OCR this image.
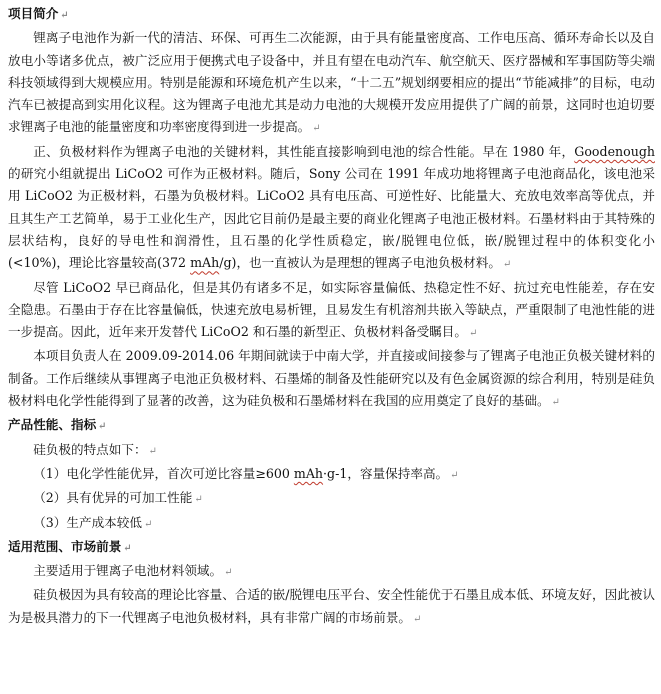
项目简介 ↵

锂离子电池作为新一代的清洁、环保、可再生二次能源，由于具有能量密度高、工作电压高、循环寿命长以及自放电小等诸多优点，被广泛应用于便携式电子设备中，并且有望在电动汽车、航空航天、医疗器械和军事国防等尖端科技领域得到大规模应用。特别是能源和环境危机产生以来，“十二五”规划纲要相应的提出“节能减排”的目标，电动汽车已被提高到实用化议程。这为锂离子电池尤其是动力电池的大规模开发应用提供了广阔的前景，这同时也迫切要求锂离子电池的能量密度和功率密度得到进一步提高。 ↵

正、负极材料作为锂离子电池的关键材料，其性能直接影响到电池的综合性能。早在 1980 年，Goodenough 的研究小组就提出 LiCoO2 可作为正极材料。随后，Sony 公司在 1991 年成功地将锂离子电池商品化，该电池采用 LiCoO2 为正极材料，石墨为负极材料。LiCoO2 具有电压高、可逆性好、比能量大、充放电效率高等优点，并且其生产工艺简单，易于工业化生产，因此它目前仍是最主要的商业化锂离子电池正极材料。石墨材料由于其特殊的层状结构，良好的导电性和润滑性，且石墨的化学性质稳定，嵌/脱锂电位低，嵌/脱锂过程中的体积变化小(<10%)，理论比容量较高(372 mAh/g)，也一直被认为是理想的锂离子电池负极材料。 ↵

尽管 LiCoO2 早已商品化，但是其仍有诸多不足，如实际容量偏低、热稳定性不好、抗过充电性能差，存在安全隐患。石墨由于存在比容量偏低，快速充放电易析锂，且易发生有机溶剂共嵌入等缺点，严重限制了电池性能的进一步提高。因此，近年来开发替代 LiCoO2 和石墨的新型正、负极材料备受瞩目。 ↵

本项目负责人在 2009.09-2014.06 年期间就读于中南大学，并直接或间接参与了锂离子电池正负极关键材料的制备。工作后继续从事锂离子电池正负极材料、石墨烯的制备及性能研究以及有色金属资源的综合利用，特别是硅负极材料电化学性能得到了显著的改善，这为硅负极和石墨烯材料在我国的应用奠定了良好的基础。 ↵

产品性能、指标 ↵

硅负极的特点如下： ↵

（1）电化学性能优异，首次可逆比容量≥600 mAh·g-1，容量保持率高。 ↵

（2）具有优异的可加工性能 ↵

（3）生产成本较低 ↵

适用范围、市场前景 ↵

主要适用于锂离子电池材料领域。 ↵

硅负极因为具有较高的理论比容量、合适的嵌/脱锂电压平台、安全性能优于石墨且成本低、环境友好，因此被认为是极具潜力的下一代锂离子电池负极材料，具有非常广阔的市场前景。 ↵
